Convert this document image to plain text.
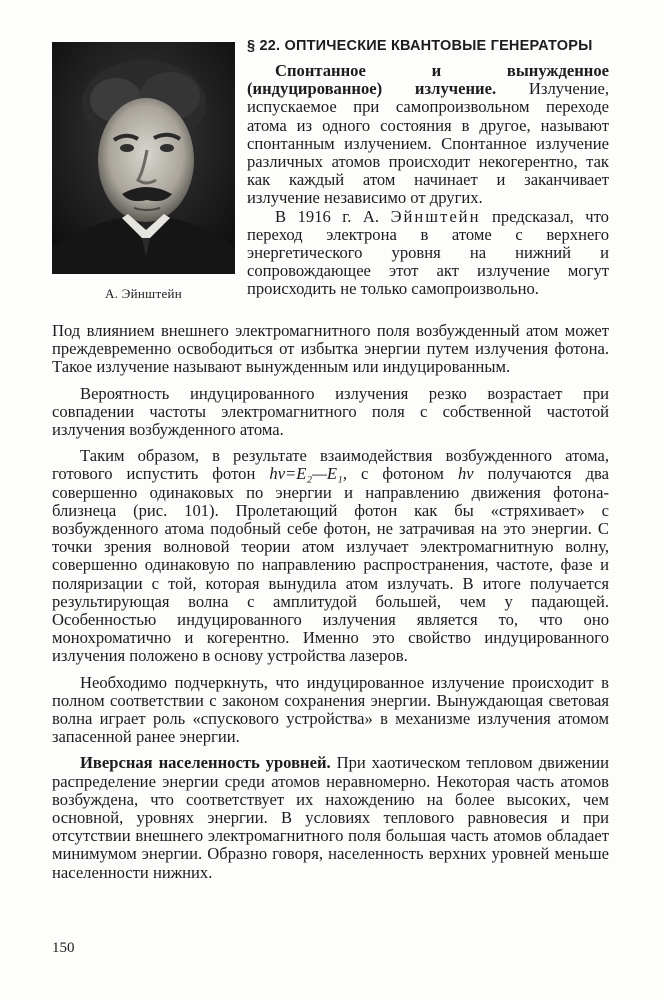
А. Эйнштейн
§ 22. ОПТИЧЕСКИЕ КВАНТОВЫЕ ГЕНЕРАТОРЫ

Спонтанное и вынужденное (индуцированное) излучение. Излучение, испускаемое при самопроизвольном переходе атома из одного состояния в другое, называют спонтанным излучением. Спонтанное излучение различных атомов происходит некогерентно, так как каждый атом начинает и заканчивает излучение независимо от других.

В 1916 г. А. Эйнштейн предсказал, что переход электрона в атоме с верхнего энергетического уровня на нижний и сопровождающее этот акт излучение могут происходить не только самопроизвольно.

Под влиянием внешнего электромагнитного поля возбужденный атом может преждевременно освободиться от избытка энергии путем излучения фотона. Такое излучение называют вынужденным или индуцированным.

Вероятность индуцированного излучения резко возрастает при совпадении частоты электромагнитного поля с собственной частотой излучения возбужденного атома.

Таким образом, в результате взаимодействия возбужденного атома, готового испустить фотон hν=E₂—E₁, с фотоном hν получаются два совершенно одинаковых по энергии и направлению движения фотона-близнеца (рис. 101). Пролетающий фотон как бы «стряхивает» с возбужденного атома подобный себе фотон, не затрачивая на это энергии. С точки зрения волновой теории атом излучает электромагнитную волну, совершенно одинаковую по направлению распространения, частоте, фазе и поляризации с той, которая вынудила атом излучать. В итоге получается результирующая волна с амплитудой большей, чем у падающей. Особенностью индуцированного излучения является то, что оно монохроматично и когерентно. Именно это свойство индуцированного излучения положено в основу устройства лазеров.

Необходимо подчеркнуть, что индуцированное излучение происходит в полном соответствии с законом сохранения энергии. Вынуждающая световая волна играет роль «спускового устройства» в механизме излучения атомом запасенной ранее энергии.

Иверсная населенность уровней. При хаотическом тепловом движении распределение энергии среди атомов неравномерно. Некоторая часть атомов возбуждена, что соответствует их нахождению на более высоких, чем основной, уровнях энергии. В условиях теплового равновесия и при отсутствии внешнего электромагнитного поля большая часть атомов обладает минимумом энергии. Образно говоря, населенность верхних уровней меньше населенности нижних.

150
